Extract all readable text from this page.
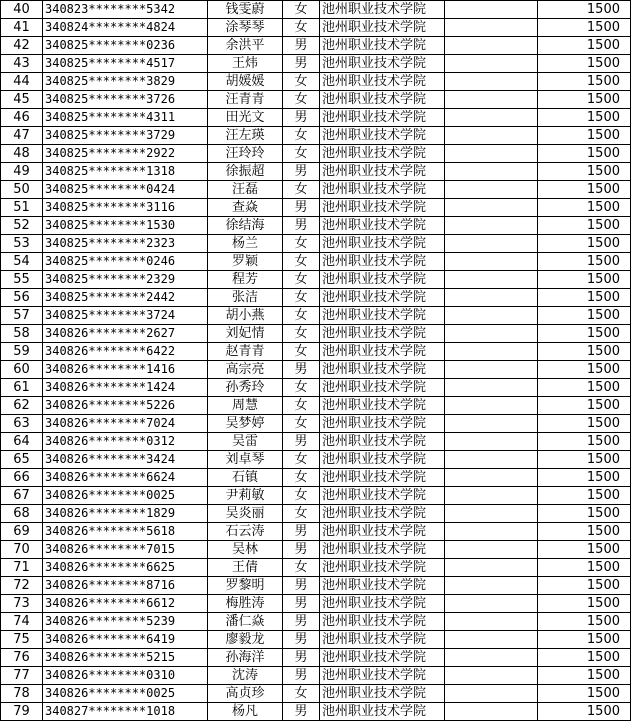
40	340823********5342	钱雯蔚	女	池州职业技术学院		1500
41	340824********4824	涂琴琴	女	池州职业技术学院		1500
42	340825********0236	余洪平	男	池州职业技术学院		1500
43	340825********4517	王炜	男	池州职业技术学院		1500
44	340825********3829	胡媛媛	女	池州职业技术学院		1500
45	340825********3726	汪青青	女	池州职业技术学院		1500
46	340825********4311	田光文	男	池州职业技术学院		1500
47	340825********3729	汪左瑛	女	池州职业技术学院		1500
48	340825********2922	汪玲玲	女	池州职业技术学院		1500
49	340825********1318	徐振超	男	池州职业技术学院		1500
50	340825********0424	汪磊	女	池州职业技术学院		1500
51	340825********3116	查焱	男	池州职业技术学院		1500
52	340825********1530	徐结海	男	池州职业技术学院		1500
53	340825********2323	杨兰	女	池州职业技术学院		1500
54	340825********0246	罗颖	女	池州职业技术学院		1500
55	340825********2329	程芳	女	池州职业技术学院		1500
56	340825********2442	张洁	女	池州职业技术学院		1500
57	340825********3724	胡小燕	女	池州职业技术学院		1500
58	340826********2627	刘妃情	女	池州职业技术学院		1500
59	340826********6422	赵青青	女	池州职业技术学院		1500
60	340826********1416	高宗亮	男	池州职业技术学院		1500
61	340826********1424	孙秀玲	女	池州职业技术学院		1500
62	340826********5226	周慧	女	池州职业技术学院		1500
63	340826********7024	吴梦婷	女	池州职业技术学院		1500
64	340826********0312	吴雷	男	池州职业技术学院		1500
65	340826********3424	刘卓琴	女	池州职业技术学院		1500
66	340826********6624	石镇	女	池州职业技术学院		1500
67	340826********0025	尹莉敏	女	池州职业技术学院		1500
68	340826********1829	吴炎丽	女	池州职业技术学院		1500
69	340826********5618	石云涛	男	池州职业技术学院		1500
70	340826********7015	吴林	男	池州职业技术学院		1500
71	340826********6625	王倩	女	池州职业技术学院		1500
72	340826********8716	罗黎明	男	池州职业技术学院		1500
73	340826********6612	梅胜涛	男	池州职业技术学院		1500
74	340826********5239	潘仁焱	男	池州职业技术学院		1500
75	340826********6419	廖毅龙	男	池州职业技术学院		1500
76	340826********5215	孙海洋	男	池州职业技术学院		1500
77	340826********0310	沈涛	男	池州职业技术学院		1500
78	340826********0025	高贞珍	女	池州职业技术学院		1500
79	340827********1018	杨凡	男	池州职业技术学院		1500
